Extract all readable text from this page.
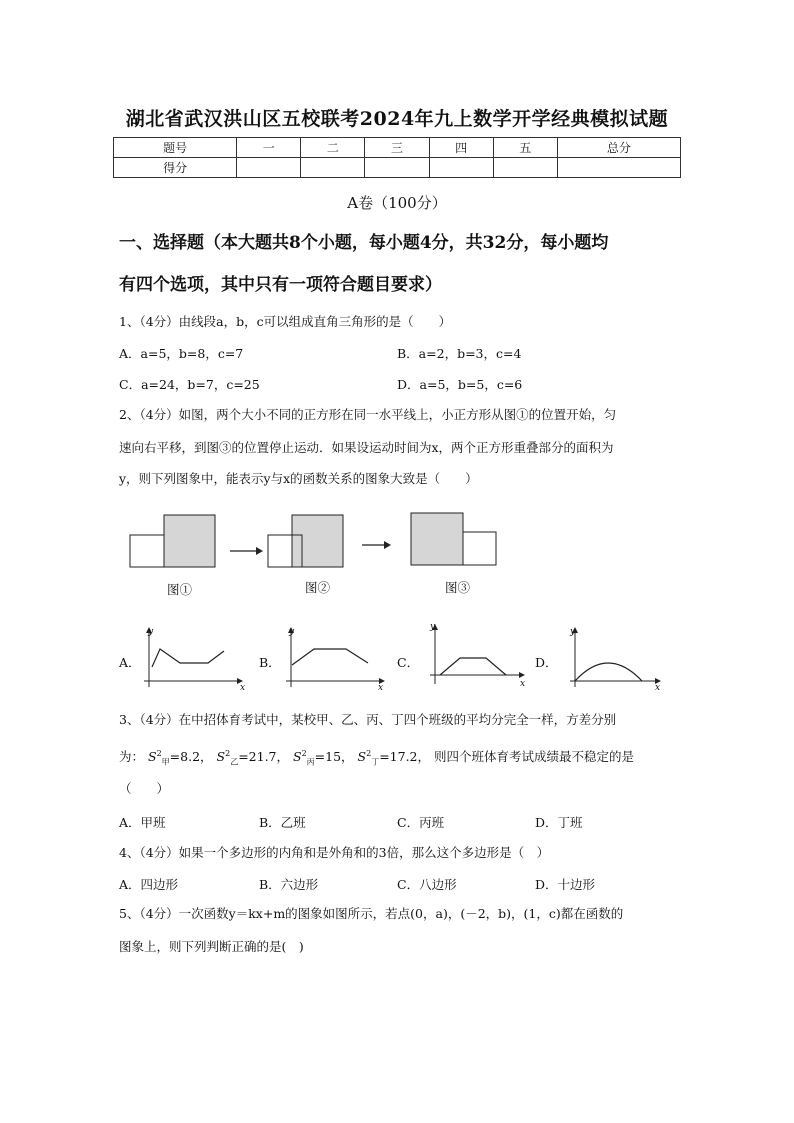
湖北省武汉洪山区五校联考2024年九上数学开学经典模拟试题
题号	一	二	三	四	五	总分
得分						
A卷（100分）
一、选择题（本大题共8个小题，每小题4分，共32分，每小题均
有四个选项，其中只有一项符合题目要求）
1、（4分）由线段a，b，c可以组成直角三角形的是（　　）
A．a=5，b=8，c=7	B．a=2，b=3，c=4
C．a=24，b=7，c=25	D．a=5，b=5，c=6
2、（4分）如图，两个大小不同的正方形在同一水平线上，小正方形从图①的位置开始，匀
速向右平移，到图③的位置停止运动．如果设运动时间为x，两个正方形重叠部分的面积为
y，则下列图象中，能表示y与x的函数关系的图象大致是（　　）
图①	图②	图③
A．	B．	C．	D．
y
x
y
x
y
x
y
x
3、（4分）在中招体育考试中，某校甲、乙、丙、丁四个班级的平均分完全一样，方差分别
为： $S^2_甲=8.2$， $S^2_乙=21.7$， $S^2_丙=15$， $S^2_丁=17.2$， 则四个班体育考试成绩最不稳定的是
（　　）
A．甲班	B．乙班	C．丙班	D．丁班
4、（4分）如果一个多边形的内角和是外角和的3倍，那么这个多边形是（　）
A．四边形	B．六边形	C．八边形	D．十边形
5、（4分）一次函数y＝kx+m的图象如图所示，若点(0，a)，(－2，b)，(1，c)都在函数的
图象上，则下列判断正确的是(　)
